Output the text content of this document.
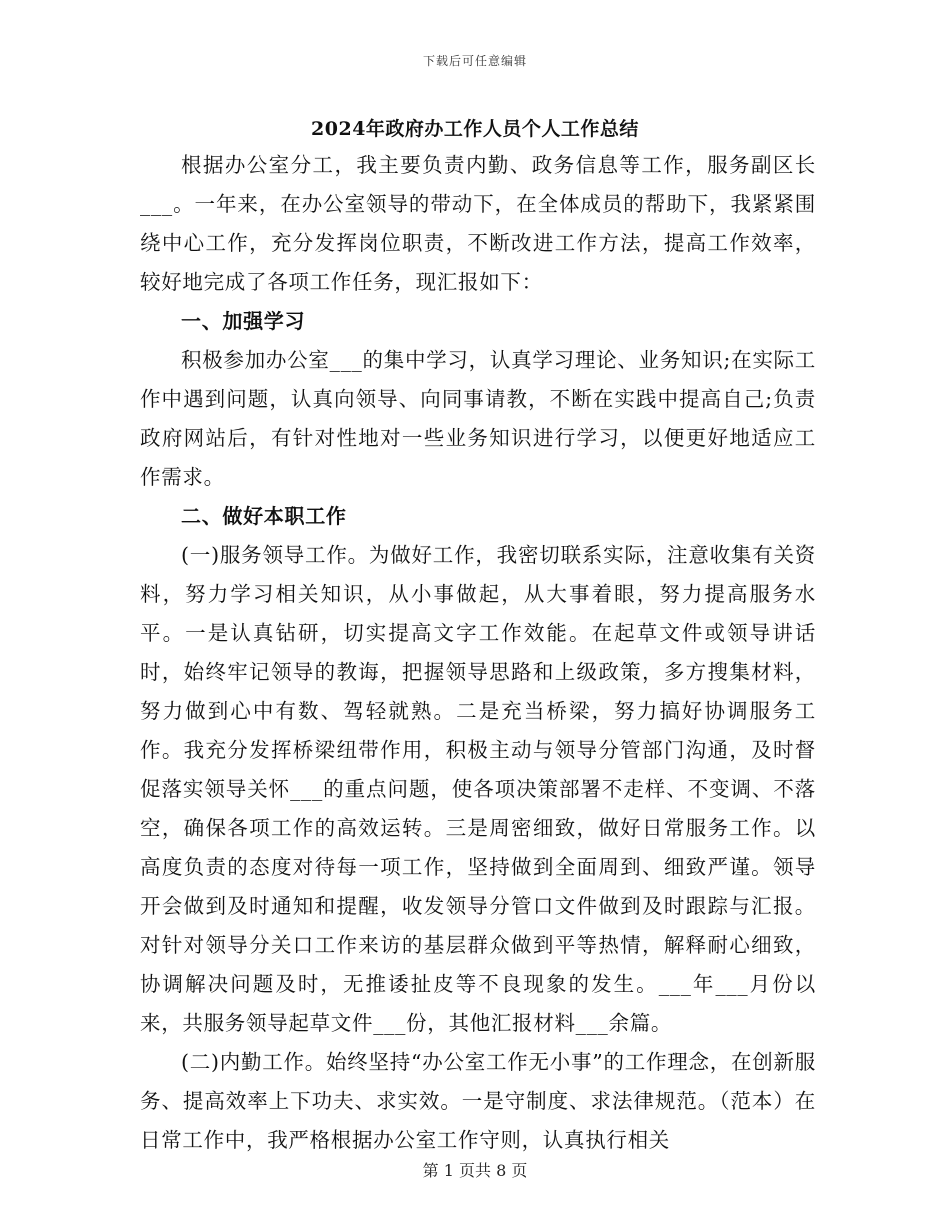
下载后可任意编辑
2024年政府办工作人员个人工作总结

根据办公室分工，我主要负责内勤、政务信息等工作，服务副区长___。一年来，在办公室领导的带动下，在全体成员的帮助下，我紧紧围绕中心工作，充分发挥岗位职责，不断改进工作方法，提高工作效率，较好地完成了各项工作任务，现汇报如下：

一、加强学习

积极参加办公室___的集中学习，认真学习理论、业务知识;在实际工作中遇到问题，认真向领导、向同事请教，不断在实践中提高自己;负责政府网站后，有针对性地对一些业务知识进行学习，以便更好地适应工作需求。

二、做好本职工作

(一)服务领导工作。为做好工作，我密切联系实际，注意收集有关资料，努力学习相关知识，从小事做起，从大事着眼，努力提高服务水平。一是认真钻研，切实提高文字工作效能。在起草文件或领导讲话时，始终牢记领导的教诲，把握领导思路和上级政策，多方搜集材料，努力做到心中有数、驾轻就熟。二是充当桥梁，努力搞好协调服务工作。我充分发挥桥梁纽带作用，积极主动与领导分管部门沟通，及时督促落实领导关怀___的重点问题，使各项决策部署不走样、不变调、不落空，确保各项工作的高效运转。三是周密细致，做好日常服务工作。以高度负责的态度对待每一项工作，坚持做到全面周到、细致严谨。领导开会做到及时通知和提醒，收发领导分管口文件做到及时跟踪与汇报。对针对领导分关口工作来访的基层群众做到平等热情，解释耐心细致，协调解决问题及时，无推诿扯皮等不良现象的发生。___年___月份以来，共服务领导起草文件___份，其他汇报材料___余篇。

(二)内勤工作。始终坚持“办公室工作无小事”的工作理念，在创新服务、提高效率上下功夫、求实效。一是守制度、求法律规范。（范本）在日常工作中，我严格根据办公室工作守则，认真执行相关

第 1 页共 8 页
